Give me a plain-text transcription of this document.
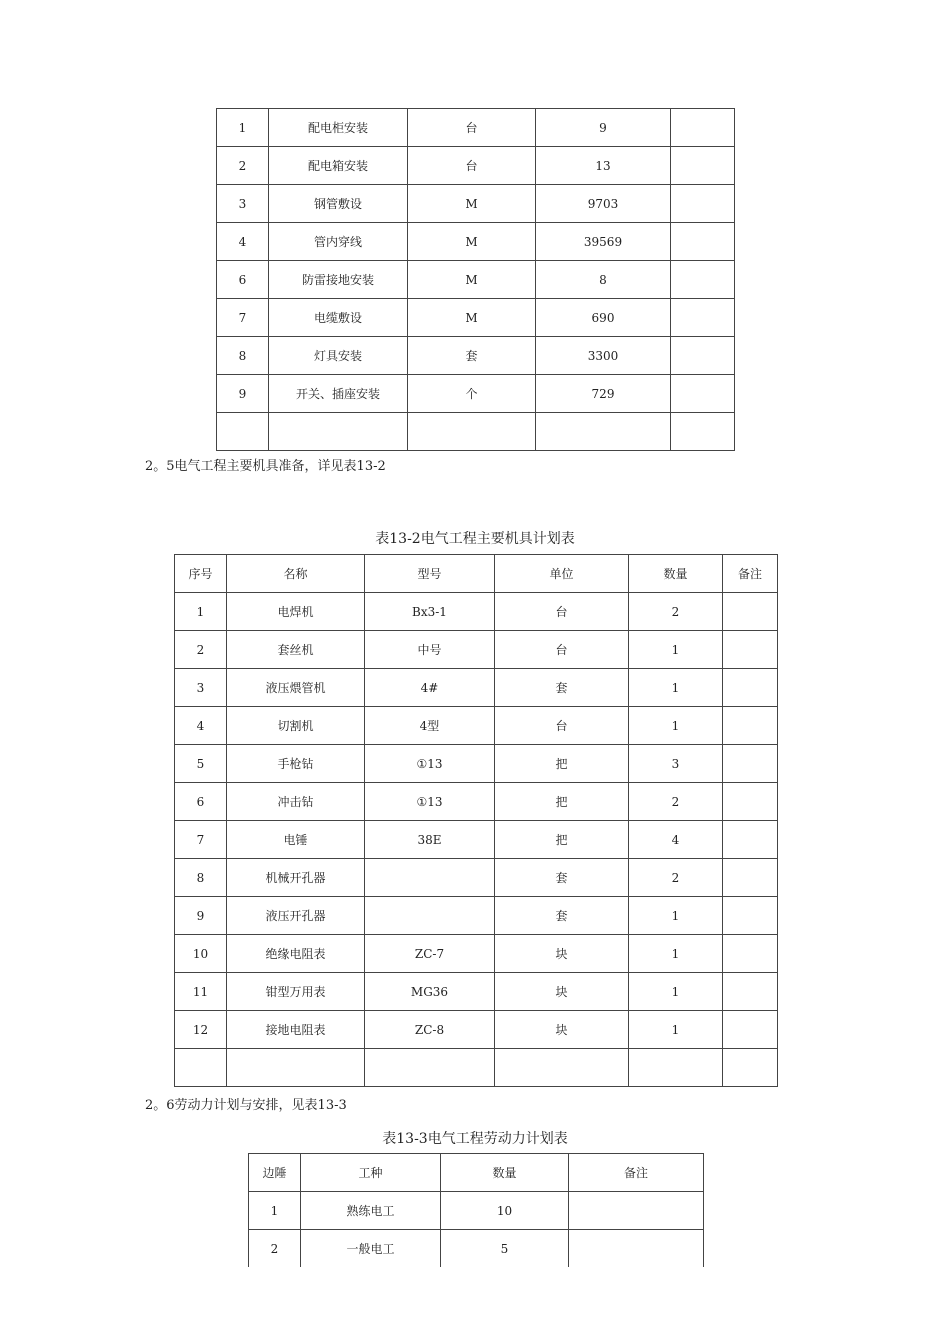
1	配电柜安装	台	9	
2	配电箱安装	台	13	
3	钢管敷设	M	9703	
4	管内穿线	M	39569	
6	防雷接地安装	M	8	
7	电缆敷设	M	690	
8	灯具安装	套	3300	
9	开关、插座安装	个	729	

2。5电气工程主要机具准备，详见表13-2
表13-2电气工程主要机具计划表
序号	名称	型号	单位	数量	备注
1	电焊机	Bx3-1	台	2	
2	套丝机	中号	台	1	
3	液压煨管机	4#	套	1	
4	切割机	4型	台	1	
5	手枪钻	①13	把	3	
6	冲击钻	①13	把	2	
7	电锤	38E	把	4	
8	机械开孔器		套	2	
9	液压开孔器		套	1	
10	绝缘电阻表	ZC-7	块	1	
11	钳型万用表	MG36	块	1	
12	接地电阻表	ZC-8	块	1	

2。6劳动力计划与安排，见表13-3
表13-3电气工程劳动力计划表
边陲	工种	数量	备注
1	熟练电工	10	
2	一般电工	5	
